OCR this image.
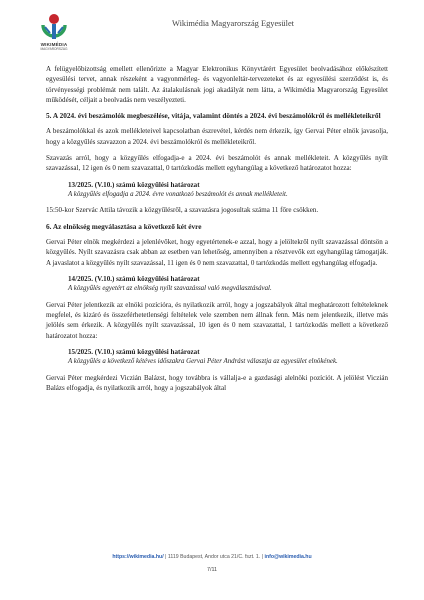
WIKIMÉDIA
MAGYARORSZÁG
Wikimédia Magyarország Egyesület

A felügyelőbizottság emellett ellenőrizte a Magyar Elektronikus Könyvtárért Egyesület beolvadásához előkészített egyesülési tervet, annak részeként a vagyonmérleg- és vagyonleltár-tervezeteket és az egyesülési szerződést is, és törvényességi problémát nem talált. Az átalakulásnak jogi akadályát nem látta, a Wikimédia Magyarország Egyesület működését, céljait a beolvadás nem veszélyezteti.

5. A 2024. évi beszámolók megbeszélése, vitája, valamint döntés a 2024. évi beszámolókról és mellékleteikről

A beszámolókkal és azok mellékleteivel kapcsolatban észrevétel, kérdés nem érkezik, így Gervai Péter elnök javasolja, hogy a közgyűlés szavazzon a 2024. évi beszámolókról és mellékleteikről.

Szavazás arról, hogy a közgyűlés elfogadja-e a 2024. évi beszámolót és annak mellékleteit. A közgyűlés nyílt szavazással, 12 igen és 0 nem szavazattal, 0 tartózkodás mellett egyhangúlag a következő határozatot hozza:

13/2025. (V.10.) számú közgyűlési határozat
A közgyűlés elfogadja a 2024. évre vonatkozó beszámolót és annak mellékleteit.

15:50-kor Szervác Attila távozik a közgyűlésről, a szavazásra jogosultak száma 11 főre csökken.

6. Az elnökség megválasztása a következő két évre

Gervai Péter elnök megkérdezi a jelenlévőket, hogy egyetértenek-e azzal, hogy a jelöltekről nyílt szavazással döntsön a közgyűlés. Nyílt szavazásra csak abban az esetben van lehetőség, amennyiben a résztvevők ezt egyhangúlag támogatják. A javaslatot a közgyűlés nyílt szavazással, 11 igen és 0 nem szavazattal, 0 tartózkodás mellett egyhangúlag elfogadja.

14/2025. (V.10.) számú közgyűlési határozat
A közgyűlés egyetért az elnökség nyílt szavazással való megválasztásával.

Gervai Péter jelentkezik az elnöki pozícióra, és nyilatkozik arról, hogy a jogszabályok által meghatározott feltételeknek megfelel, és kizáró és összeférhetetlenségi feltételek vele szemben nem állnak fenn. Más nem jelentkezik, illetve más jelölés sem érkezik. A közgyűlés nyílt szavazással, 10 igen és 0 nem szavazattal, 1 tartózkodás mellett a következő határozatot hozza:

15/2025. (V.10.) számú közgyűlési határozat
A közgyűlés a következő kétéves időszakra Gervai Péter Andrást választja az egyesület elnökének.

Gervai Péter megkérdezi Viczián Balázst, hogy továbbra is vállalja-e a gazdasági alelnöki pozíciót. A jelölést Viczián Balázs elfogadja, és nyilatkozik arról, hogy a jogszabályok által

https://wikimedia.hu/ | 1119 Budapest, Andor utca 21/C. fszt. 1. | info@wikimedia.hu
7/11
